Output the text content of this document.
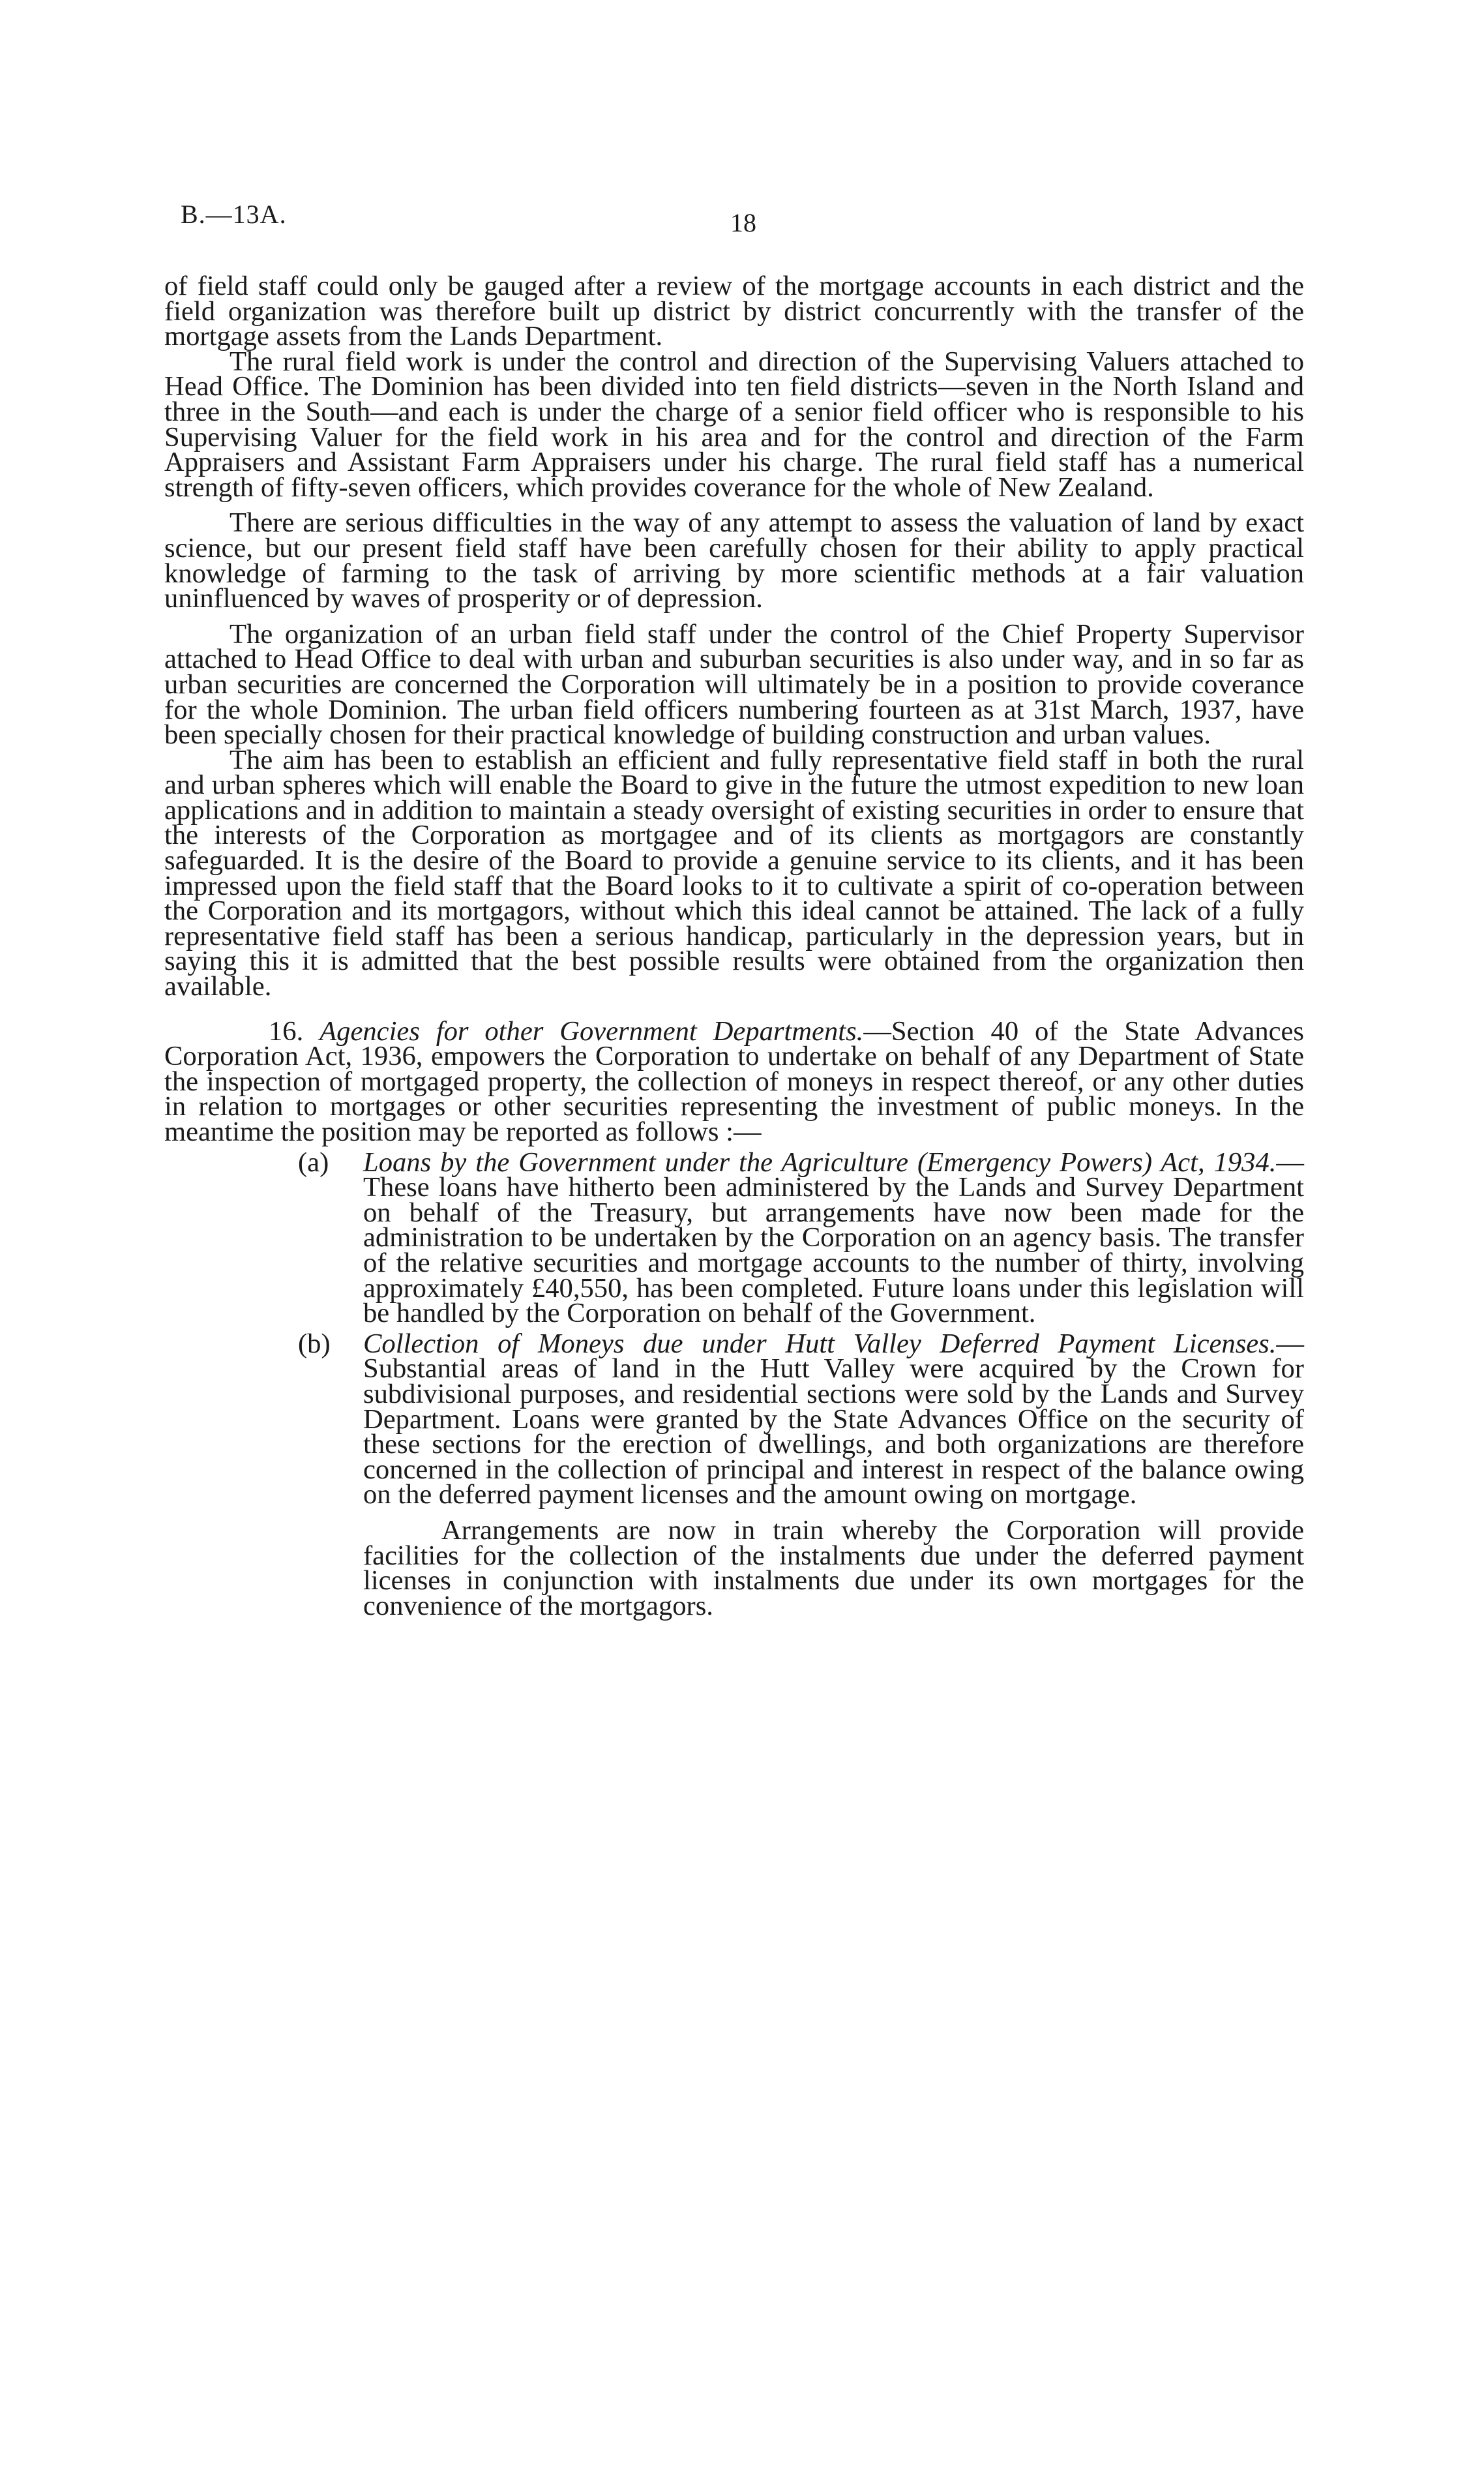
B.—13A.	18

of field staff could only be gauged after a review of the mortgage accounts in each district and the field organization was therefore built up district by district concurrently with the transfer of the mortgage assets from the Lands Department.

The rural field work is under the control and direction of the Supervising Valuers attached to Head Office. The Dominion has been divided into ten field districts—seven in the North Island and three in the South—and each is under the charge of a senior field officer who is responsible to his Supervising Valuer for the field work in his area and for the control and direction of the Farm Appraisers and Assistant Farm Appraisers under his charge. The rural field staff has a numerical strength of fifty-seven officers, which provides coverance for the whole of New Zealand.

There are serious difficulties in the way of any attempt to assess the valuation of land by exact science, but our present field staff have been carefully chosen for their ability to apply practical knowledge of farming to the task of arriving by more scientific methods at a fair valuation uninfluenced by waves of prosperity or of depression.

The organization of an urban field staff under the control of the Chief Property Supervisor attached to Head Office to deal with urban and suburban securities is also under way, and in so far as urban securities are concerned the Corporation will ultimately be in a position to provide coverance for the whole Dominion. The urban field officers numbering fourteen as at 31st March, 1937, have been specially chosen for their practical knowledge of building construction and urban values.

The aim has been to establish an efficient and fully representative field staff in both the rural and urban spheres which will enable the Board to give in the future the utmost expedition to new loan applications and in addition to maintain a steady oversight of existing securities in order to ensure that the interests of the Corporation as mortgagee and of its clients as mortgagors are constantly safeguarded. It is the desire of the Board to provide a genuine service to its clients, and it has been impressed upon the field staff that the Board looks to it to cultivate a spirit of co-operation between the Corporation and its mortgagors, without which this ideal cannot be attained. The lack of a fully representative field staff has been a serious handicap, particularly in the depression years, but in saying this it is admitted that the best possible results were obtained from the organization then available.

16. Agencies for other Government Departments.—Section 40 of the State Advances Corporation Act, 1936, empowers the Corporation to undertake on behalf of any Department of State the inspection of mortgaged property, the collection of moneys in respect thereof, or any other duties in relation to mortgages or other securities representing the investment of public moneys. In the meantime the position may be reported as follows :—

(a) Loans by the Government under the Agriculture (Emergency Powers) Act, 1934.—These loans have hitherto been administered by the Lands and Survey Department on behalf of the Treasury, but arrangements have now been made for the administration to be undertaken by the Corporation on an agency basis. The transfer of the relative securities and mortgage accounts to the number of thirty, involving approximately £40,550, has been completed. Future loans under this legislation will be handled by the Corporation on behalf of the Government.

(b) Collection of Moneys due under Hutt Valley Deferred Payment Licenses.— Substantial areas of land in the Hutt Valley were acquired by the Crown for subdivisional purposes, and residential sections were sold by the Lands and Survey Department. Loans were granted by the State Advances Office on the security of these sections for the erection of dwellings, and both organizations are therefore concerned in the collection of principal and interest in respect of the balance owing on the deferred payment licenses and the amount owing on mortgage.

Arrangements are now in train whereby the Corporation will provide facilities for the collection of the instalments due under the deferred payment licenses in conjunction with instalments due under its own mortgages for the convenience of the mortgagors.
